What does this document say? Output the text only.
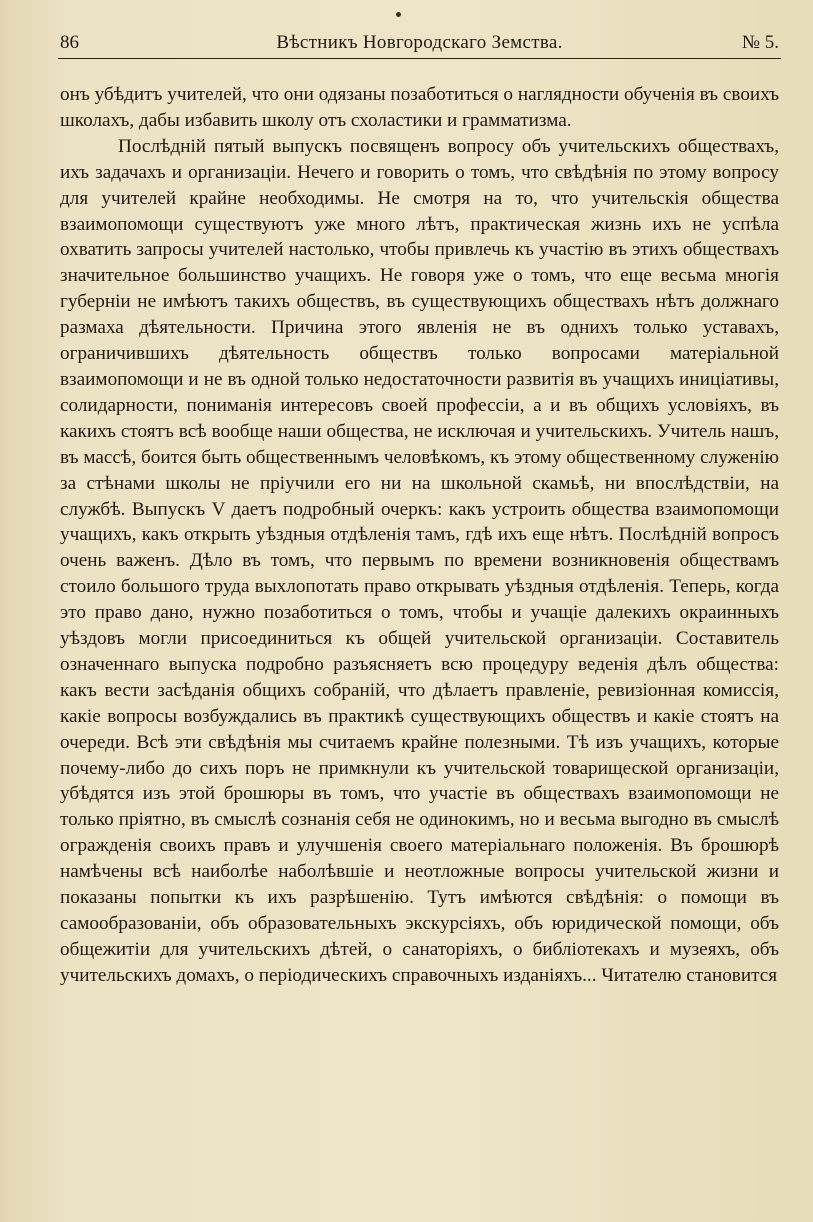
86	Вѣстникъ Новгородскаго Земства.	№ 5.

онъ убѣдитъ учителей, что они одязаны позаботиться о наглядности обученія въ своихъ школахъ, дабы избавить школу отъ схоластики и грамматизма.

Послѣдній пятый выпускъ посвященъ вопросу объ учительскихъ обществахъ, ихъ задачахъ и организаціи. Нечего и говорить о томъ, что свѣдѣнія по этому вопросу для учителей крайне необходимы. Не смотря на то, что учительскія общества взаимопомощи существуютъ уже много лѣтъ, практическая жизнь ихъ не успѣла охватить запросы учителей настолько, чтобы привлечь къ участію въ этихъ обществахъ значительное большинство учащихъ. Не говоря уже о томъ, что еще весьма многія губерніи не имѣютъ такихъ обществъ, въ существующихъ обществахъ нѣтъ должнаго размаха дѣятельности. Причина этого явленія не въ однихъ только уставахъ, ограничившихъ дѣятельность обществъ только вопросами матеріальной взаимопомощи и не въ одной только недостаточности развитія въ учащихъ иниціативы, солидарности, пониманія интересовъ своей профессіи, а и въ общихъ условіяхъ, въ какихъ стоятъ всѣ вообще наши общества, не исключая и учительскихъ. Учитель нашъ, въ массѣ, боится быть общественнымъ человѣкомъ, къ этому общественному служенію за стѣнами школы не пріучили его ни на школьной скамьѣ, ни впослѣдствіи, на службѣ. Выпускъ V даетъ подробный очеркъ: какъ устроить общества взаимопомощи учащихъ, какъ открыть уѣздныя отдѣленія тамъ, гдѣ ихъ еще нѣтъ. Послѣдній вопросъ очень важенъ. Дѣло въ томъ, что первымъ по времени возникновенія обществамъ стоило большого труда выхлопотать право открывать уѣздныя отдѣленія. Теперь, когда это право дано, нужно позаботиться о томъ, чтобы и учащіе далекихъ окраинныхъ уѣздовъ могли присоединиться къ общей учительской организаціи. Составитель означеннаго выпуска подробно разъясняетъ всю процедуру веденія дѣлъ общества: какъ вести засѣданія общихъ собраній, что дѣлаетъ правленіе, ревизіонная комиссія, какіе вопросы возбуждались въ практикѣ существующихъ обществъ и какіе стоятъ на очереди. Всѣ эти свѣдѣнія мы считаемъ крайне полезными. Тѣ изъ учащихъ, которые почему-либо до сихъ поръ не примкнули къ учительской товарищеской организаціи, убѣдятся изъ этой брошюры въ томъ, что участіе въ обществахъ взаимопомощи не только пріятно, въ смыслѣ сознанія себя не одинокимъ, но и весьма выгодно въ смыслѣ огражденія своихъ правъ и улучшенія своего матеріальнаго положенія. Въ брошюрѣ намѣчены всѣ наиболѣе наболѣвшіе и неотложные вопросы учительской жизни и показаны попытки къ ихъ разрѣшенію. Тутъ имѣются свѣдѣнія: о помощи въ самообразованіи, объ образовательныхъ экскурсіяхъ, объ юридической помощи, объ общежитіи для учительскихъ дѣтей, о санаторіяхъ, о библіотекахъ и музеяхъ, объ учительскихъ домахъ, о періодическихъ справочныхъ изданіяхъ... Читателю становится
